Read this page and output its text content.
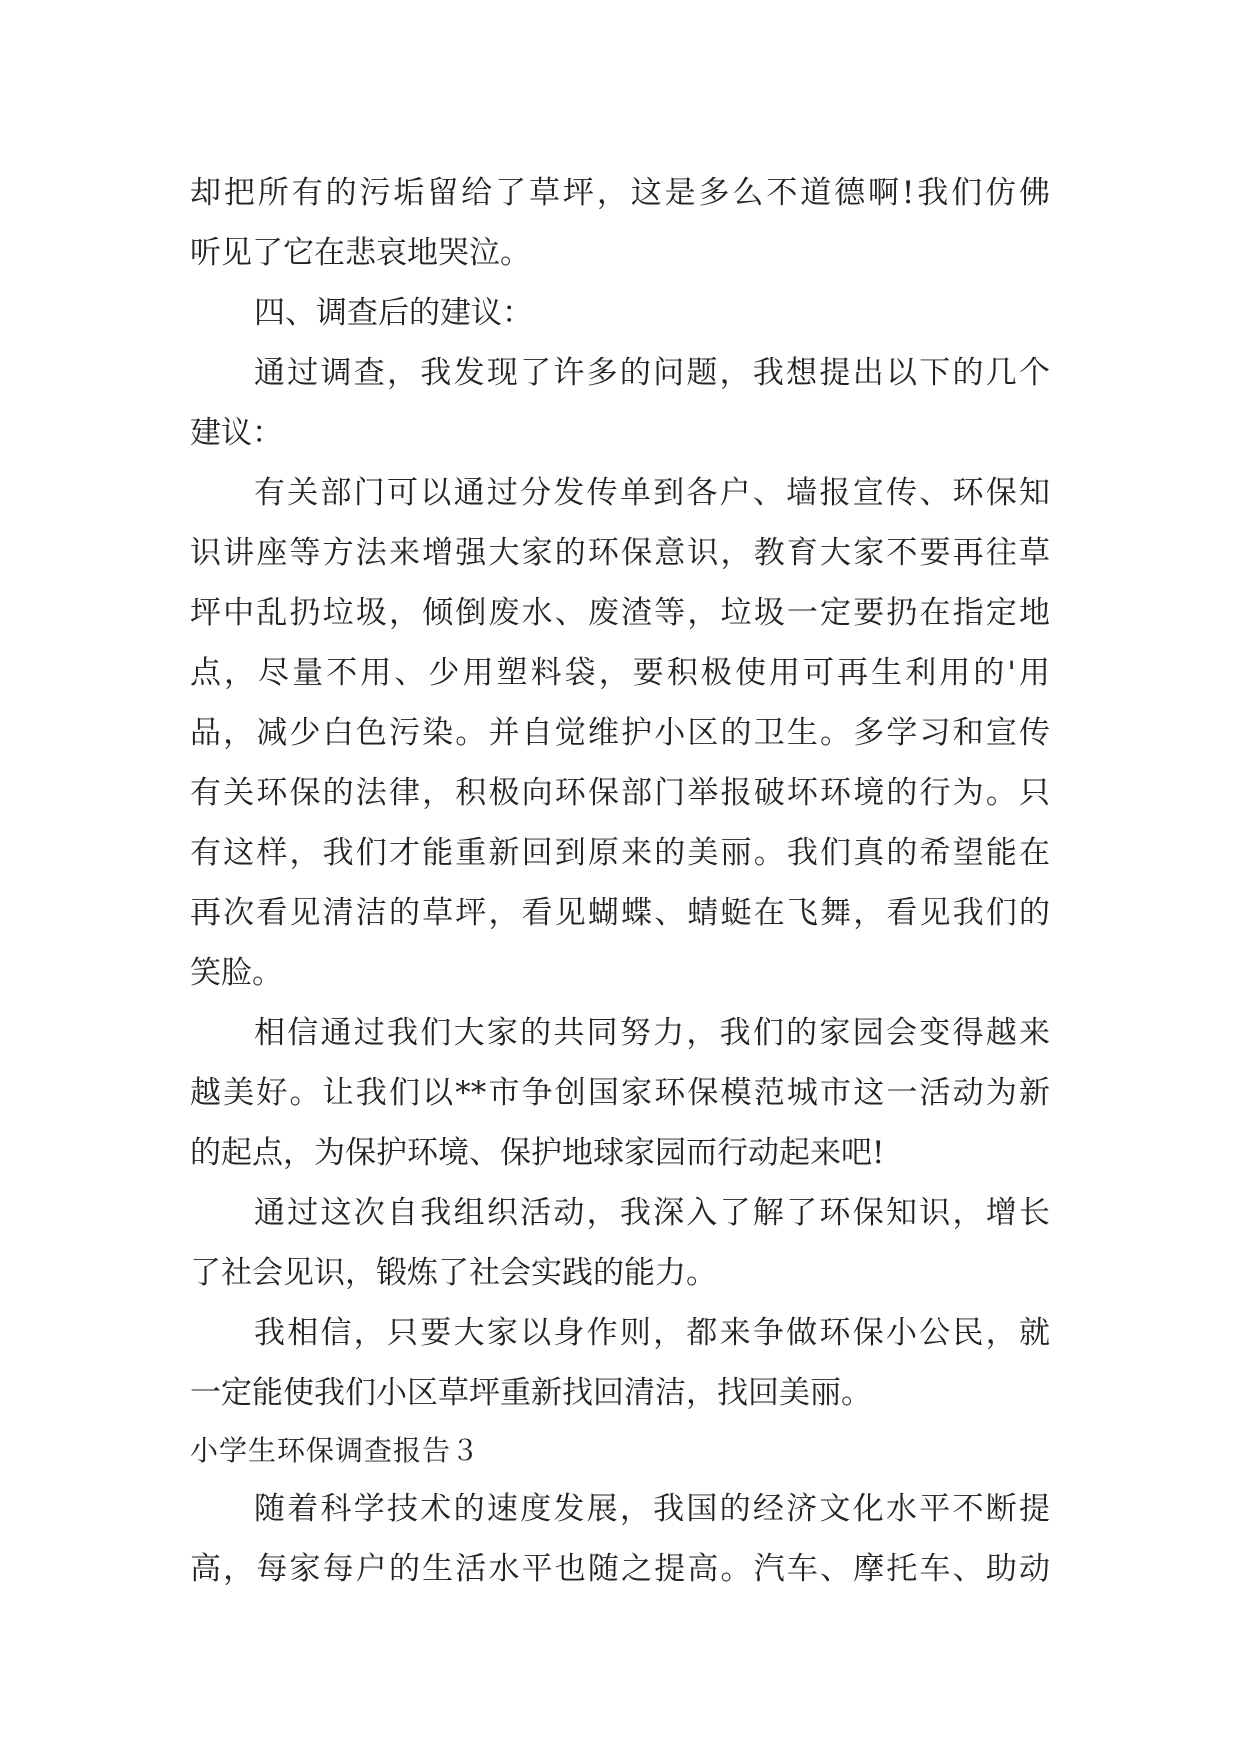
却把所有的污垢留给了草坪，这是多么不道德啊!我们仿佛
听见了它在悲哀地哭泣。
四、调查后的建议：
通过调查，我发现了许多的问题，我想提出以下的几个
建议：
有关部门可以通过分发传单到各户、墙报宣传、环保知
识讲座等方法来增强大家的环保意识，教育大家不要再往草
坪中乱扔垃圾，倾倒废水、废渣等，垃圾一定要扔在指定地
点，尽量不用、少用塑料袋，要积极使用可再生利用的'用
品，减少白色污染。并自觉维护小区的卫生。多学习和宣传
有关环保的法律，积极向环保部门举报破坏环境的行为。只
有这样，我们才能重新回到原来的美丽。我们真的希望能在
再次看见清洁的草坪，看见蝴蝶、蜻蜓在飞舞，看见我们的
笑脸。
相信通过我们大家的共同努力，我们的家园会变得越来
越美好。让我们以**市争创国家环保模范城市这一活动为新
的起点，为保护环境、保护地球家园而行动起来吧!
通过这次自我组织活动，我深入了解了环保知识，增长
了社会见识，锻炼了社会实践的能力。
我相信，只要大家以身作则，都来争做环保小公民，就
一定能使我们小区草坪重新找回清洁，找回美丽。
小学生环保调查报告３
随着科学技术的速度发展，我国的经济文化水平不断提
高，每家每户的生活水平也随之提高。汽车、摩托车、助动
